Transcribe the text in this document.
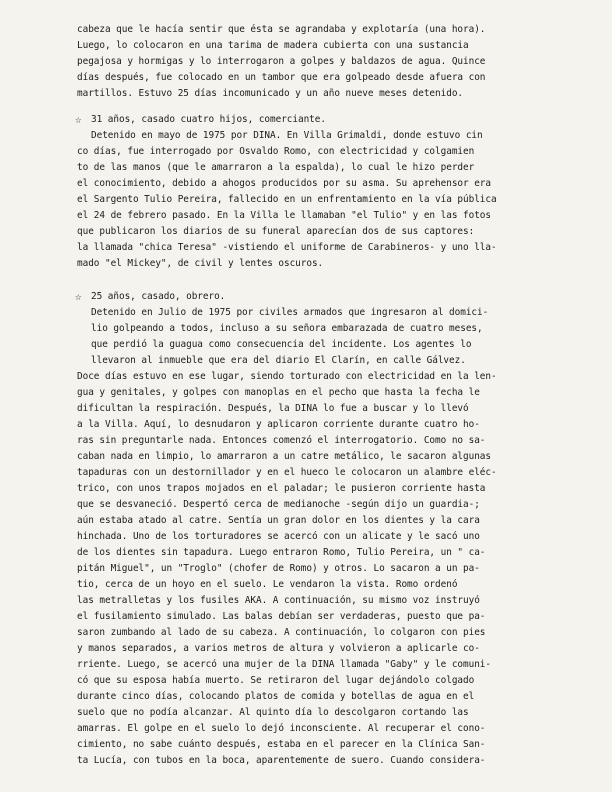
cabeza que le hacía sentir que ésta se agrandaba y explotaría (una hora).
Luego, lo colocaron en una tarima de madera cubierta con una sustancia
pegajosa y hormigas y lo interrogaron a golpes y baldazos de agua. Quince
días después, fue colocado en un tambor que era golpeado desde afuera con
martillos. Estuvo 25 días incomunicado y un año nueve meses detenido.
☆ 31 años, casado cuatro hijos, comerciante.
Detenido en mayo de 1975 por DINA. En Villa Grimaldi, donde estuvo cin
co días, fue interrogado por Osvaldo Romo, con electricidad y colgamien
to de las manos (que le amarraron a la espalda), lo cual le hizo perder
el conocimiento, debido a ahogos producidos por su asma. Su aprehensor era
el Sargento Tulio Pereira, fallecido en un enfrentamiento en la vía pública
el 24 de febrero pasado. En la Villa le llamaban "el Tulio" y en las fotos
que publicaron los diarios de su funeral aparecían dos de sus captores:
la llamada "chica Teresa" -vistiendo el uniforme de Carabineros- y uno lla-
mado "el Mickey", de civil y lentes oscuros.
☆ 25 años, casado, obrero.
Detenido en Julio de 1975 por civiles armados que ingresaron al domici-
lio golpeando a todos, incluso a su señora embarazada de cuatro meses,
que perdió la guagua como consecuencia del incidente. Los agentes lo
llevaron al inmueble que era del diario El Clarín, en calle Gálvez.
Doce días estuvo en ese lugar, siendo torturado con electricidad en la len-
gua y genitales, y golpes con manoplas en el pecho que hasta la fecha le
dificultan la respiración. Después, la DINA lo fue a buscar y lo llevó
a la Villa. Aquí, lo desnudaron y aplicaron corriente durante cuatro ho-
ras sin preguntarle nada. Entonces comenzó el interrogatorio. Como no sa-
caban nada en limpio, lo amarraron a un catre metálico, le sacaron algunas
tapaduras con un destornillador y en el hueco le colocaron un alambre eléc-
trico, con unos trapos mojados en el paladar; le pusieron corriente hasta
que se desvaneció. Despertó cerca de medianoche -según dijo un guardia-;
aún estaba atado al catre. Sentía un gran dolor en los dientes y la cara
hinchada. Uno de los torturadores se acercó con un alicate y le sacó uno
de los dientes sin tapadura. Luego entraron Romo, Tulio Pereira, un " ca-
pitán Miguel", un "Troglo" (chofer de Romo) y otros. Lo sacaron a un pa-
tio, cerca de un hoyo en el suelo. Le vendaron la vista. Romo ordenó
las metralletas y los fusiles AKA. A continuación, su mismo voz instruyó
el fusilamiento simulado. Las balas debían ser verdaderas, puesto que pa-
saron zumbando al lado de su cabeza. A continuación, lo colgaron con pies
y manos separados, a varios metros de altura y volvieron a aplicarle co-
rriente. Luego, se acercó una mujer de la DINA llamada "Gaby" y le comuni-
có que su esposa había muerto. Se retiraron del lugar dejándolo colgado
durante cinco días, colocando platos de comida y botellas de agua en el
suelo que no podía alcanzar. Al quinto día lo descolgaron cortando las
amarras. El golpe en el suelo lo dejó inconsciente. Al recuperar el cono-
cimiento, no sabe cuánto después, estaba en el parecer en la Clínica San-
ta Lucía, con tubos en la boca, aparentemente de suero. Cuando considera-
